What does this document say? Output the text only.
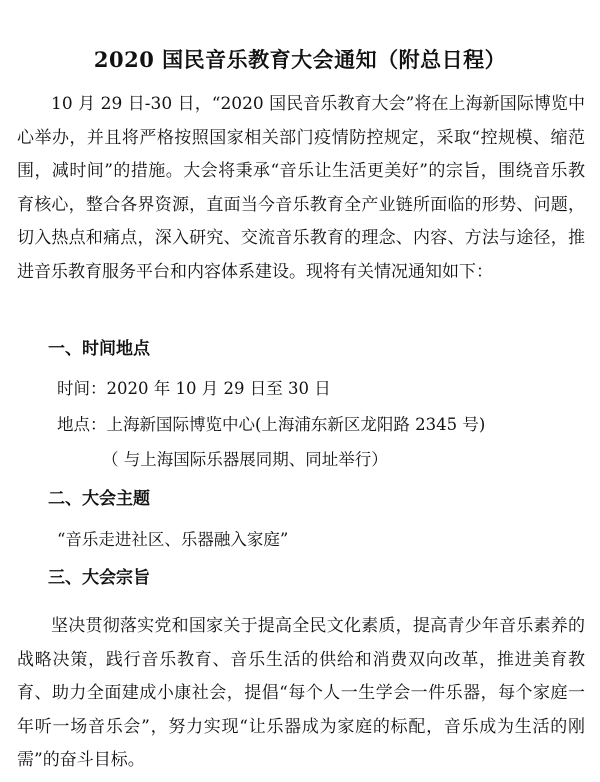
2020 国民音乐教育大会通知（附总日程）

10 月 29 日-30 日，“2020 国民音乐教育大会”将在上海新国际博览中心举办，并且将严格按照国家相关部门疫情防控规定，采取“控规模、缩范围，减时间”的措施。大会将秉承“音乐让生活更美好”的宗旨，围绕音乐教育核心，整合各界资源，直面当今音乐教育全产业链所面临的形势、问题，切入热点和痛点，深入研究、交流音乐教育的理念、内容、方法与途径，推进音乐教育服务平台和内容体系建设。现将有关情况通知如下：

一、时间地点

时间：2020 年 10 月 29 日至 30 日

地点：上海新国际博览中心(上海浦东新区龙阳路 2345 号)

（ 与上海国际乐器展同期、同址举行）

二、大会主题

“音乐走进社区、乐器融入家庭”

三、大会宗旨

坚决贯彻落实党和国家关于提高全民文化素质，提高青少年音乐素养的战略决策，践行音乐教育、音乐生活的供给和消费双向改革，推进美育教育、助力全面建成小康社会，提倡“每个人一生学会一件乐器，每个家庭一年听一场音乐会”，努力实现“让乐器成为家庭的标配，音乐成为生活的刚需”的奋斗目标。
